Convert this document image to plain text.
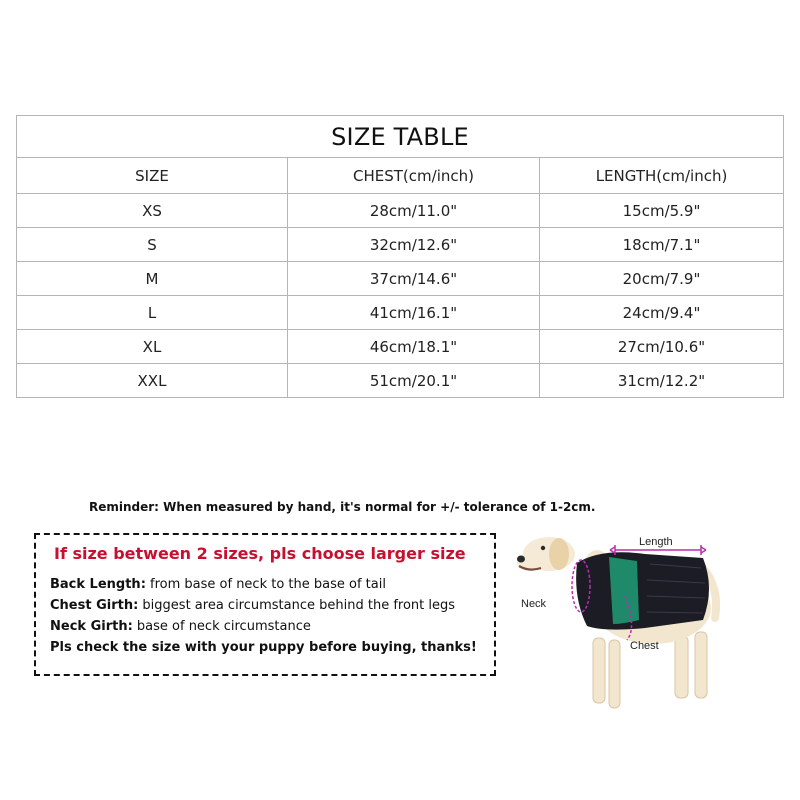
SIZE TABLE		
SIZE	CHEST(cm/inch)	LENGTH(cm/inch)
XS	28cm/11.0"	15cm/5.9"
S	32cm/12.6"	18cm/7.1"
M	37cm/14.6"	20cm/7.9"
L	41cm/16.1"	24cm/9.4"
XL	46cm/18.1"	27cm/10.6"
XXL	51cm/20.1"	31cm/12.2"
Reminder: When measured by hand, it's normal for +/- tolerance of 1-2cm.
If size between 2 sizes, pls choose larger size
Back Length: from base of neck to the base of tail
Chest Girth: biggest area circumstance behind the front legs
Neck Girth: base of neck circumstance
Pls check the size with your puppy before buying, thanks!
Length
Neck
Chest
